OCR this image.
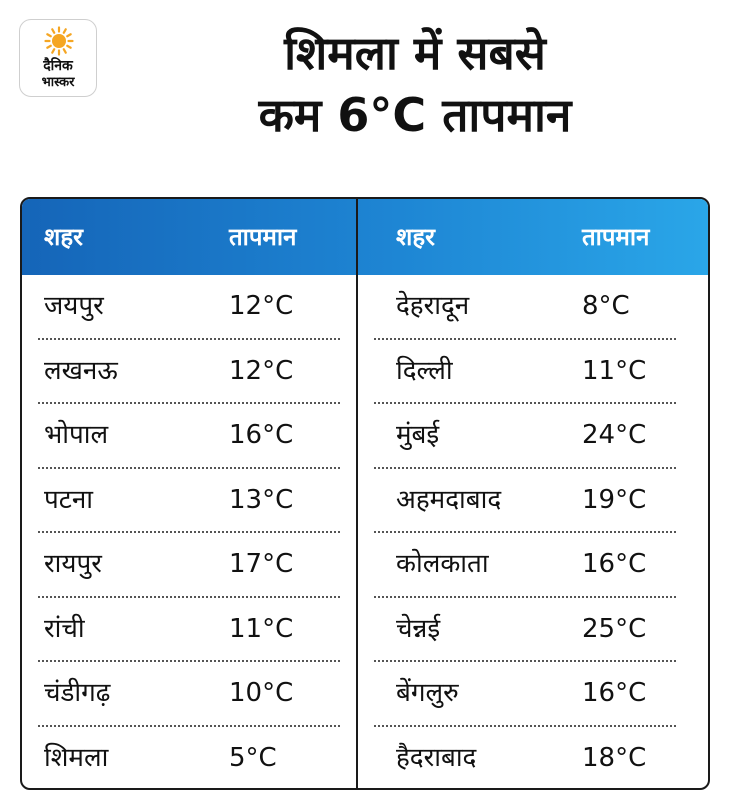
दैनिक
भास्कर
शिमला में सबसे
कम 6°C तापमान
शहर	तापमान
जयपुर	12°C
लखनऊ	12°C
भोपाल	16°C
पटना	13°C
रायपुर	17°C
रांची	11°C
चंडीगढ़	10°C
शिमला	5°C
शहर	तापमान
देहरादून	8°C
दिल्ली	11°C
मुंबई	24°C
अहमदाबाद	19°C
कोलकाता	16°C
चेन्नई	25°C
बेंगलुरु	16°C
हैदराबाद	18°C
